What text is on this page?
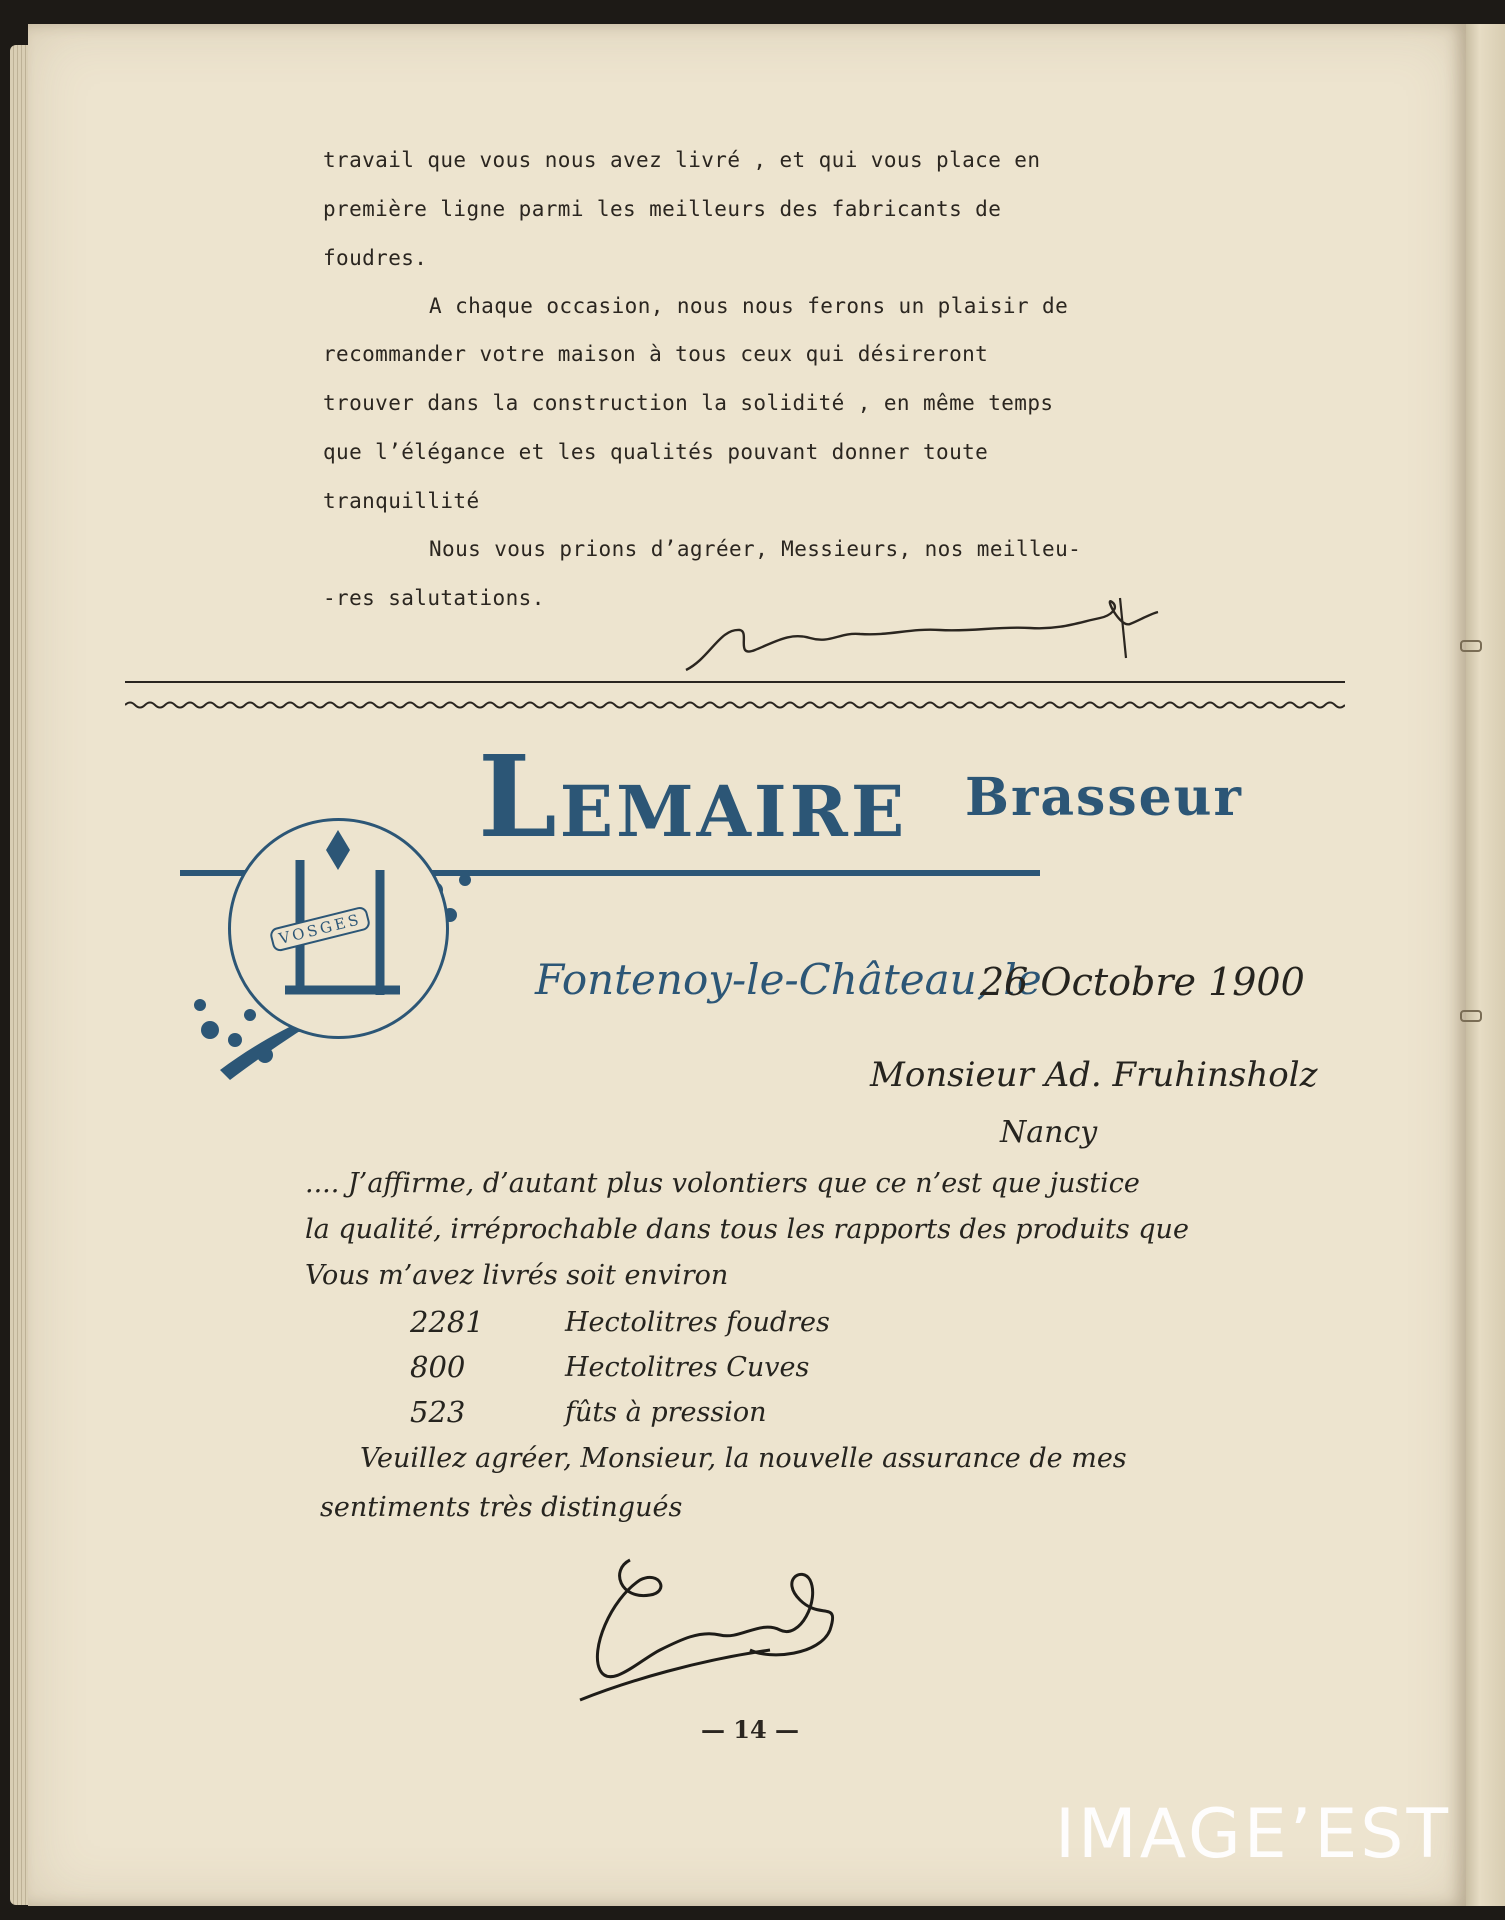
travail que vous nous avez livré , et qui vous place en
première ligne parmi les meilleurs des fabricants de
foudres.
A chaque occasion, nous nous ferons un plaisir de
recommander votre maison à tous ceux qui désireront
trouver dans la construction la solidité , en même temps
que l’élégance et les qualités pouvant donner toute
tranquillité
Nous vous prions d’agréer, Messieurs, nos meilleu-
-res salutations.
VOSGES
LEMAIRE Brasseur
Fontenoy-le-Château, le
26 Octobre 1900
Monsieur Ad. Fruhinsholz
Nancy
.... J’affirme, d’autant plus volontiers que ce n’est que justice
la qualité, irréprochable dans tous les rapports des produits que
Vous m’avez livrés soit environ
2281	Hectolitres foudres
800	Hectolitres Cuves
523	fûts à pression
Veuillez agréer, Monsieur, la nouvelle assurance de mes
sentiments très distingués
— 14 —
IMAGE’EST
